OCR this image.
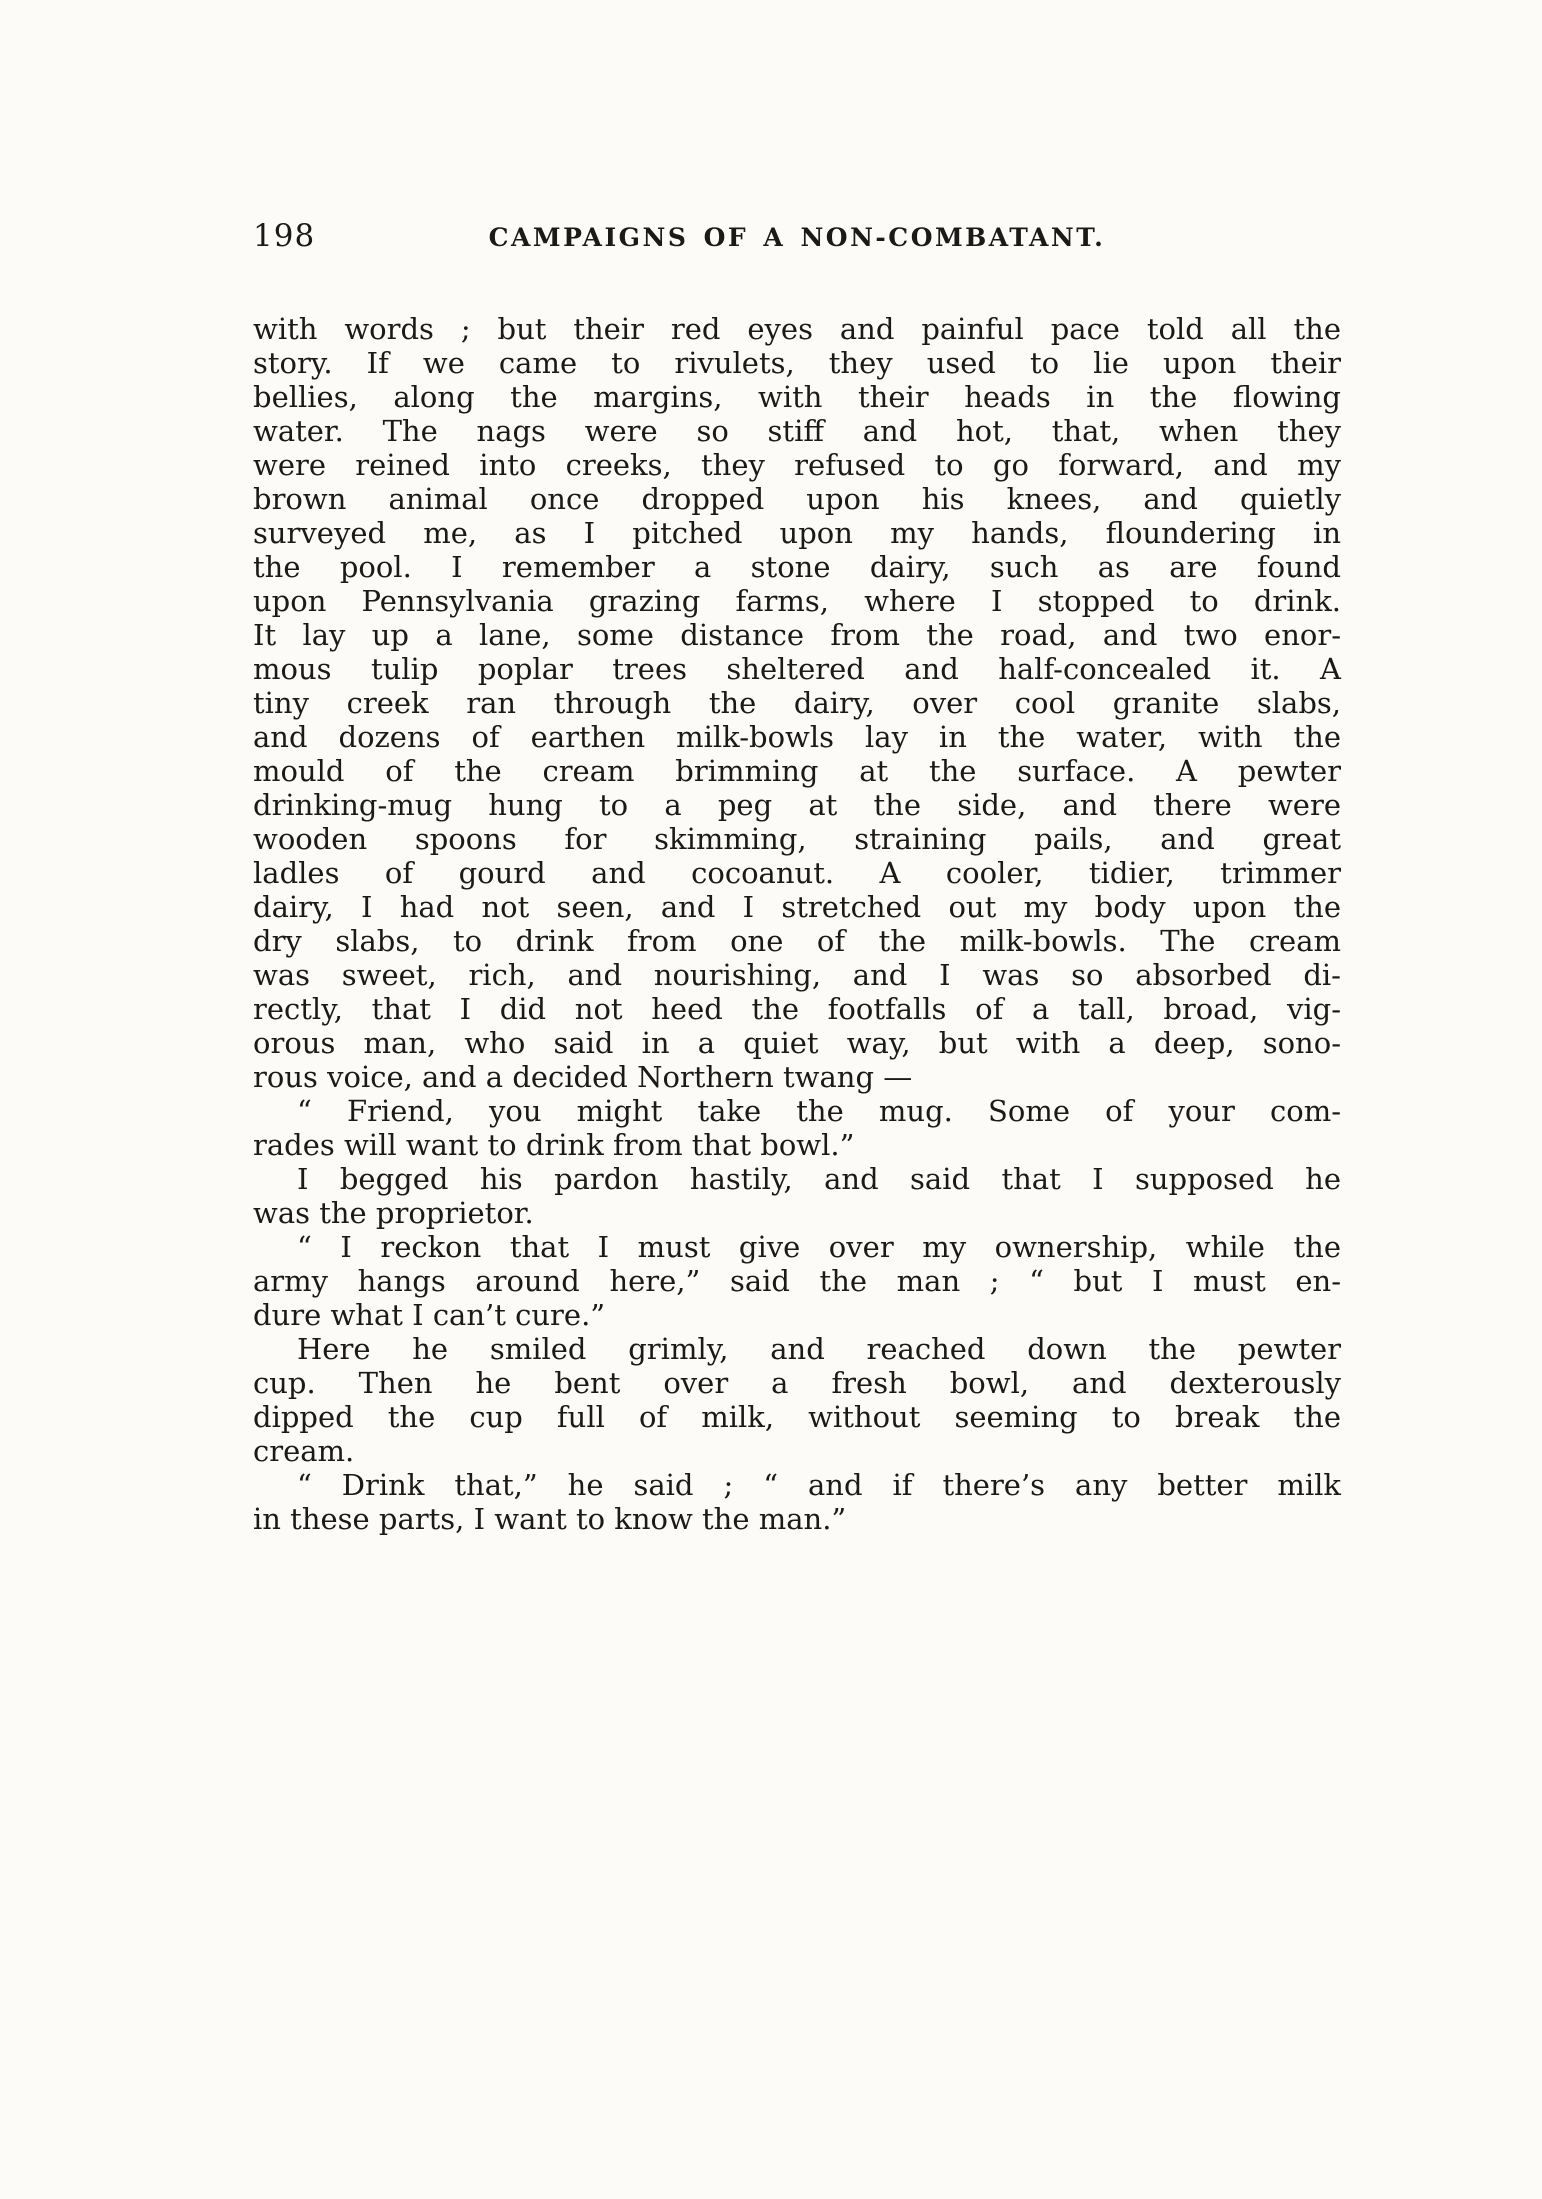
198	CAMPAIGNS OF A NON-COMBATANT.
with words ; but their red eyes and painful pace told all the
story. If we came to rivulets, they used to lie upon their
bellies, along the margins, with their heads in the flowing
water. The nags were so stiff and hot, that, when they
were reined into creeks, they refused to go forward, and my
brown animal once dropped upon his knees, and quietly
surveyed me, as I pitched upon my hands, floundering in
the pool. I remember a stone dairy, such as are found
upon Pennsylvania grazing farms, where I stopped to drink.
It lay up a lane, some distance from the road, and two enor-
mous tulip poplar trees sheltered and half-concealed it. A
tiny creek ran through the dairy, over cool granite slabs,
and dozens of earthen milk-bowls lay in the water, with the
mould of the cream brimming at the surface. A pewter
drinking-mug hung to a peg at the side, and there were
wooden spoons for skimming, straining pails, and great
ladles of gourd and cocoanut. A cooler, tidier, trimmer
dairy, I had not seen, and I stretched out my body upon the
dry slabs, to drink from one of the milk-bowls. The cream
was sweet, rich, and nourishing, and I was so absorbed di-
rectly, that I did not heed the footfalls of a tall, broad, vig-
orous man, who said in a quiet way, but with a deep, sono-
rous voice, and a decided Northern twang —
“ Friend, you might take the mug. Some of your com-
rades will want to drink from that bowl.”
I begged his pardon hastily, and said that I supposed he
was the proprietor.
“ I reckon that I must give over my ownership, while the
army hangs around here,” said the man ; “ but I must en-
dure what I can’t cure.”
Here he smiled grimly, and reached down the pewter
cup. Then he bent over a fresh bowl, and dexterously
dipped the cup full of milk, without seeming to break the
cream.
“ Drink that,” he said ; “ and if there’s any better milk
in these parts, I want to know the man.”
